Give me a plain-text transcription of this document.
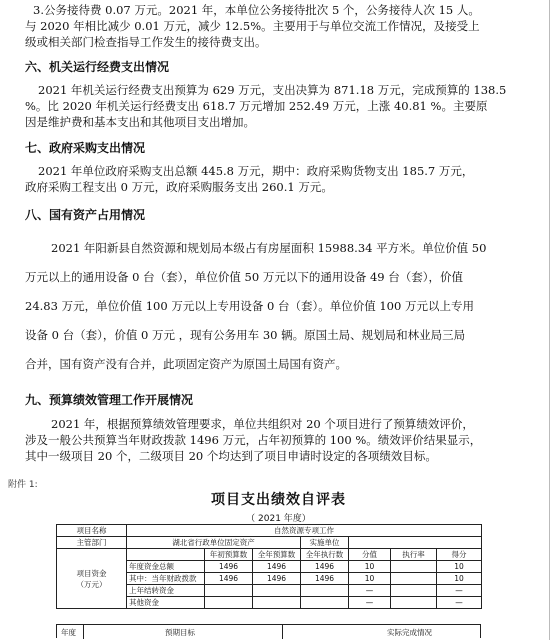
3.公务接待费 0.07 万元。2021 年，本单位公务接待批次 5 个，公务接待人次 15 人。
与 2020 年相比减少 0.01 万元，减少 12.5%。主要用于与单位交流工作情况，及接受上
级或相关部门检查指导工作发生的接待费支出。
六、机关运行经费支出情况
2021 年机关运行经费支出预算为 629 万元，支出决算为 871.18 万元，完成预算的 138.5
%。比 2020 年机关运行经费支出 618.7 万元增加 252.49 万元，上涨 40.81 %。主要原
因是维护费和基本支出和其他项目支出增加。
七、政府采购支出情况
2021 年单位政府采购支出总额 445.8 万元，期中：政府采购货物支出 185.7 万元，
政府采购工程支出 0 万元，政府采购服务支出 260.1 万元。
八、国有资产占用情况
2021 年阳新县自然资源和规划局本级占有房屋面积 15988.34 平方米。单位价值 50
万元以上的通用设备 0 台（套），单位价值 50 万元以下的通用设备 49 台（套），价值
24.83 万元，单位价值 100 万元以上专用设备 0 台（套）。单位价值 100 万元以上专用
设备 0 台（套），价值 0 万元 ，现有公务用车 30 辆。原国土局、规划局和林业局三局
合并，国有资产没有合并，此项固定资产为原国土局国有资产。
九、预算绩效管理工作开展情况
2021 年，根据预算绩效管理要求，单位共组织对 20 个项目进行了预算绩效评价，
涉及一般公共预算当年财政拨款 1496 万元，占年初预算的 100 %。绩效评价结果显示，
其中一级项目 20 个，二级项目 20 个均达到了项目申请时设定的各项绩效目标。
附件 1:
项目支出绩效自评表
（ 2021 年度）
项目名称	自然资源专项工作						
主管部门	湖北省行政单位固定资产			实施单位			
项目资金
（万元）		年初预算数	全年预算数	全年执行数	分值	执行率	得分
	年度资金总额	1496	1496	1496	10		10
	其中：当年财政拨款	1496	1496	1496	10		10
	上年结转资金				—		—
	其他资金				—		—
年度	预期目标	实际完成情况
